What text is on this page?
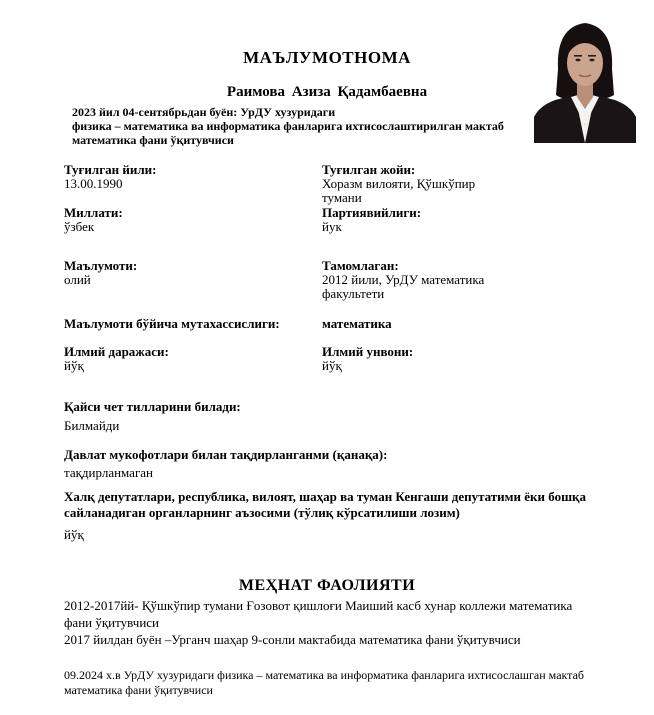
МАЪЛУМОТНОМА
Раимова Азиза Қадамбаевна
2023 йил 04-сентябрьдан буён: УрДУ хузуридаги
физика – математика ва информатика фанларига ихтисослаштирилган мактаб
математика фани ўқитувчиси
Туғилган йили:
13.00.1990
Туғилган жойи:
Хоразм вилояти, Қўшкўпир
тумани
Миллати:
ўзбек
Партиявийлиги:
йук
Маълумоти:
олий
Тамомлаган:
2012 йили, УрДУ математика
факультети
Маълумоти бўйича мутахассислиги:	математика
Илмий даражаси:
йўқ
Илмий унвони:
йўқ
Қайси чет тилларини билади:
Билмайди
Давлат мукофотлари билан тақдирланганми (қанақа):
тақдирланмаган
Халқ депутатлари, республика, вилоят, шаҳар ва туман Кенгаши депутатими ёки бошқа
сайланадиган органларнинг аъзосими (тўлиқ кўрсатилиши лозим)
йўқ
МЕҲНАТ ФАОЛИЯТИ
2012-2017йй- Қўшкўпир тумани Ғозовот қишлоғи Маиший касб хунар коллежи математика
фани ўқитувчиси
2017 йилдан буён –Урганч шаҳар 9-сонли мактабида математика фани ўқитувчиси
09.2024 х.в УрДУ хузуридаги физика – математика ва информатика фанларига ихтисослашган мактаб
математика фани ўқитувчиси
